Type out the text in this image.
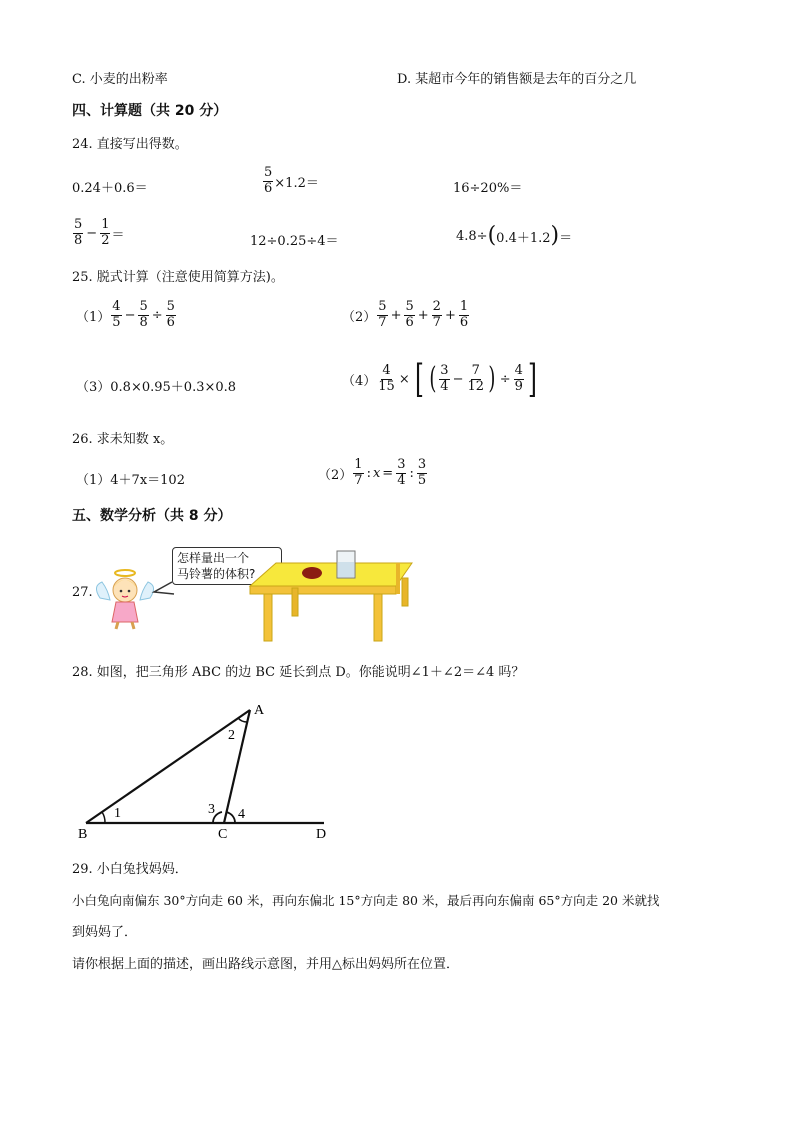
C. 小麦的出粉率	D. 某超市今年的销售额是去年的百分之几
四、计算题（共 20 分）
24. 直接写出得数。
0.24＋0.6＝	$\frac{5}{6} \times 1.2=$	16÷20%＝
$\frac{5}{8} - \frac{1}{2}$ ＝	12÷0.25÷4＝	4.8÷ ( 0.4＋1.2 ) ＝
25. 脱式计算（注意使用简算方法)。
$(1) \frac{4}{5} - \frac{5}{8} \div \frac{5}{6}$	$(2) \frac{5}{7} + \frac{5}{6} + \frac{2}{7} + \frac{1}{6}$
（3） 0.8×0.95＋0.3×0.8	$(4) \frac{4}{15}$ × [ ( $\frac{3}{4} - \frac{7}{12}$ ) ÷ $\frac{4}{9}$ ]
26. 求未知数 x。
（1） 4＋7x＝102	$(2) \frac{1}{7}$ : $x = \frac{3}{4}$ : $\frac{3}{5}$
五、数学分析（共 8 分）
27.
怎样量出一个
马铃薯的体积?
28. 如图，把三角形 ABC 的边 BC 延长到点 D。你能说明∠1＋∠2＝∠4 吗？
A
B	C	D
1
2
3 4
29. 小白兔找妈妈．
小白兔向南偏东 30°方向走 60 米，再向东偏北 15°方向走 80 米，最后再向东偏南 65°方向走 20 米就找
到妈妈了．
请你根据上面的描述，画出路线示意图，并用△标出妈妈所在位置．
